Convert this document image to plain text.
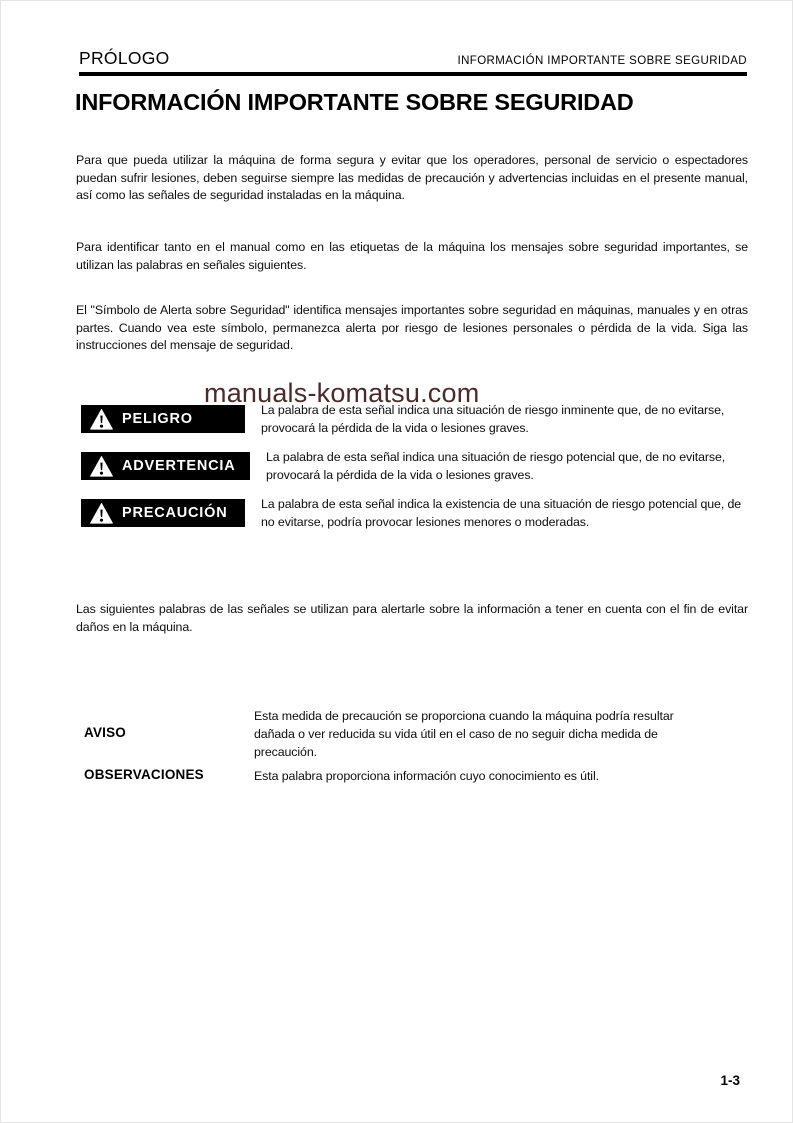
PRÓLOGO	INFORMACIÓN IMPORTANTE SOBRE SEGURIDAD
INFORMACIÓN IMPORTANTE SOBRE SEGURIDAD

Para que pueda utilizar la máquina de forma segura y evitar que los operadores, personal de servicio o espectadores puedan sufrir lesiones, deben seguirse siempre las medidas de precaución y advertencias incluidas en el presente manual, así como las señales de seguridad instaladas en la máquina.

Para identificar tanto en el manual como en las etiquetas de la máquina los mensajes sobre seguridad importantes, se utilizan las palabras en señales siguientes.

El "Símbolo de Alerta sobre Seguridad" identifica mensajes importantes sobre seguridad en máquinas, manuales y en otras partes. Cuando vea este símbolo, permanezca alerta por riesgo de lesiones personales o pérdida de la vida. Siga las instrucciones del mensaje de seguridad.

manuals-komatsu.com
PELIGRO

La palabra de esta señal indica una situación de riesgo inminente que, de no evitarse, provocará la pérdida de la vida o lesiones graves.

ADVERTENCIA

La palabra de esta señal indica una situación de riesgo potencial que, de no evitarse, provocará la pérdida de la vida o lesiones graves.

PRECAUCIÓN

La palabra de esta señal indica la existencia de una situación de riesgo potencial que, de no evitarse, podría provocar lesiones menores o moderadas.

Las siguientes palabras de las señales se utilizan para alertarle sobre la información a tener en cuenta con el fin de evitar daños en la máquina.

AVISO

Esta medida de precaución se proporciona cuando la máquina podría resultar dañada o ver reducida su vida útil en el caso de no seguir dicha medida de precaución.

OBSERVACIONES	Esta palabra proporciona información cuyo conocimiento es útil.

1-3
